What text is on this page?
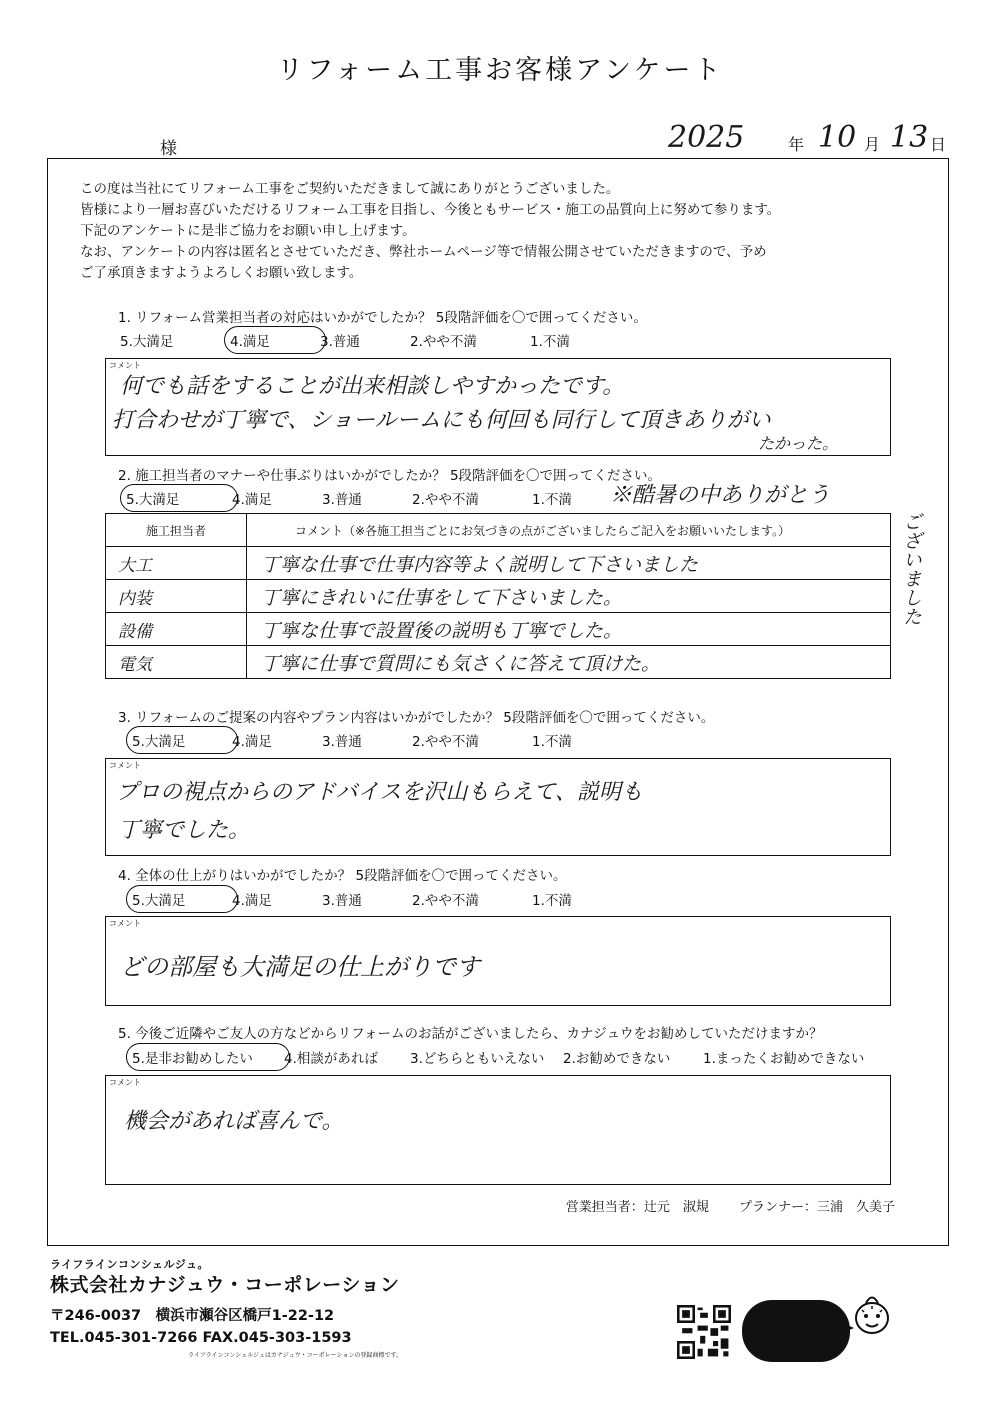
リフォーム工事お客様アンケート
様	2025	年 10 月 13 日
この度は当社にてリフォーム工事をご契約いただきまして誠にありがとうございました。
皆様により一層お喜びいただけるリフォーム工事を目指し、今後ともサービス・施工の品質向上に努めて参ります。
下記のアンケートに是非ご協力をお願い申し上げます。
なお、アンケートの内容は匿名とさせていただき、弊社ホームページ等で情報公開させていただきますので、予め
ご了承頂きますようよろしくお願い致します。
1. リフォーム営業担当者の対応はいかがでしたか？ 5段階評価を〇で囲ってください。
5.大満足	4.満足	3.普通	2.やや不満	1.不満
コメント
何でも話をすることが出来相談しやすかったです。
打合わせが丁寧で、ショールームにも何回も同行して頂きありがい
たかった。
2. 施工担当者のマナーや仕事ぶりはいかがでしたか？ 5段階評価を〇で囲ってください。
5.大満足	4.満足	3.普通	2.やや不満	1.不満 ※酷暑の中ありがとう
ございました
施工担当者	コメント（※各施工担当ごとにお気づきの点がございましたらご記入をお願いいたします。）
大工	丁寧な仕事で仕事内容等よく説明して下さいました
内装	丁寧にきれいに仕事をして下さいました。
設備	丁寧な仕事で設置後の説明も丁寧でした。
電気	丁寧に仕事で質問にも気さくに答えて頂けた。
3. リフォームのご提案の内容やプラン内容はいかがでしたか？ 5段階評価を〇で囲ってください。
5.大満足	4.満足	3.普通	2.やや不満	1.不満
コメント
プロの視点からのアドバイスを沢山もらえて、説明も
丁寧でした。
4. 全体の仕上がりはいかがでしたか？ 5段階評価を〇で囲ってください。
5.大満足	4.満足	3.普通	2.やや不満	1.不満
コメント
どの部屋も大満足の仕上がりです
5. 今後ご近隣やご友人の方などからリフォームのお話がございましたら、カナジュウをお勧めしていただけますか？
5.是非お勧めしたい	4.相談があれば	3.どちらともいえない	2.お勧めできない	1.まったくお勧めできない
コメント
機会があれば喜んで。
営業担当者：辻元　淑規 プランナー：三浦　久美子
ライフラインコンシェルジュ。
株式会社カナジュウ・コーポレーション
〒246-0037　横浜市瀬谷区橋戸1-22-12
TEL.045-301-7266 FAX.045-303-1593
ライフラインコンシェルジュはカナジュウ・コーポレーションの登録商標です。
